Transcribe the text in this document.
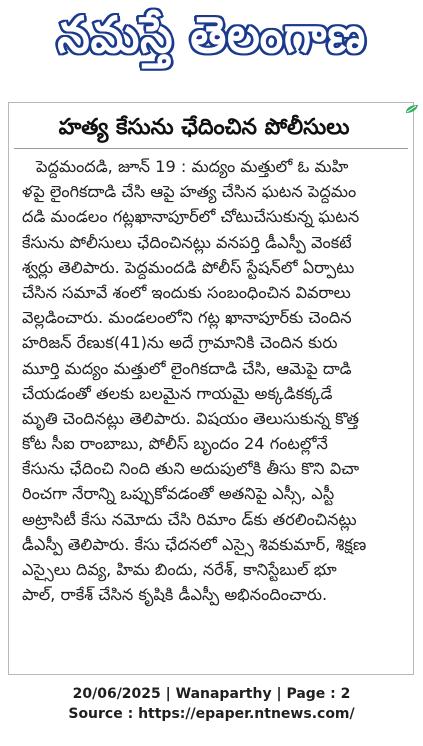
నమస్తే తెలంగాణ
హత్య కేసును ఛేదించిన పోలీసులు
పెద్దమందడి, జూన్ 19 : మద్యం మత్తులో ఓ మహి
ళపై లైంగికదాడి చేసి ఆపై హత్య చేసిన ఘటన పెద్దమం
దడి మండలం గట్లఖానాపూర్‌లో చోటుచేసుకున్న ఘటన
కేసును పోలీసులు ఛేదించినట్లు వనపర్తి డీఎస్పీ వెంకటే
శ్వర్లు తెలిపారు. పెద్దమందడి పోలీస్ స్టేషన్‌లో ఏర్పాటు
చేసిన సమావే శంలో ఇందుకు సంబంధించిన వివరాలు
వెల్లడించారు. మండలంలోని గట్ల ఖానాపూర్‌కు చెందిన
హరిజన్ రేణుక(41)ను అదే గ్రామానికి చెందిన కురు
మూర్తి మద్యం మత్తులో లైంగికదాడి చేసి, ఆమెపై దాడి
చేయడంతో తలకు బలమైన గాయమై అక్కడికక్కడే
మృతి చెందినట్లు తెలిపారు. విషయం తెలుసుకున్న కొత్త
కోట సీఐ రాంబాబు, పోలీస్ బృందం 24 గంటల్లోనే
కేసును ఛేదించి నింది తుని అదుపులోకి తీసు కొని విచా
రించగా నేరాన్ని ఒప్పుకోవడంతో అతనిపై ఎస్సీ, ఎస్టీ
అట్రాసిటీ కేసు నమోదు చేసి రిమాం డ్‌కు తరలించినట్లు
డీఎస్పీ తెలిపారు. కేసు ఛేదనలో ఎస్సై శివకుమార్, శిక్షణ
ఎస్సైలు దివ్య, హిమ బిందు, నరేశ్, కానిస్టేబుల్ భూ
పాల్, రాకేశ్ చేసిన కృషికి డీఎస్పీ అభినందించారు.
20/06/2025 | Wanaparthy | Page : 2
Source : https://epaper.ntnews.com/
